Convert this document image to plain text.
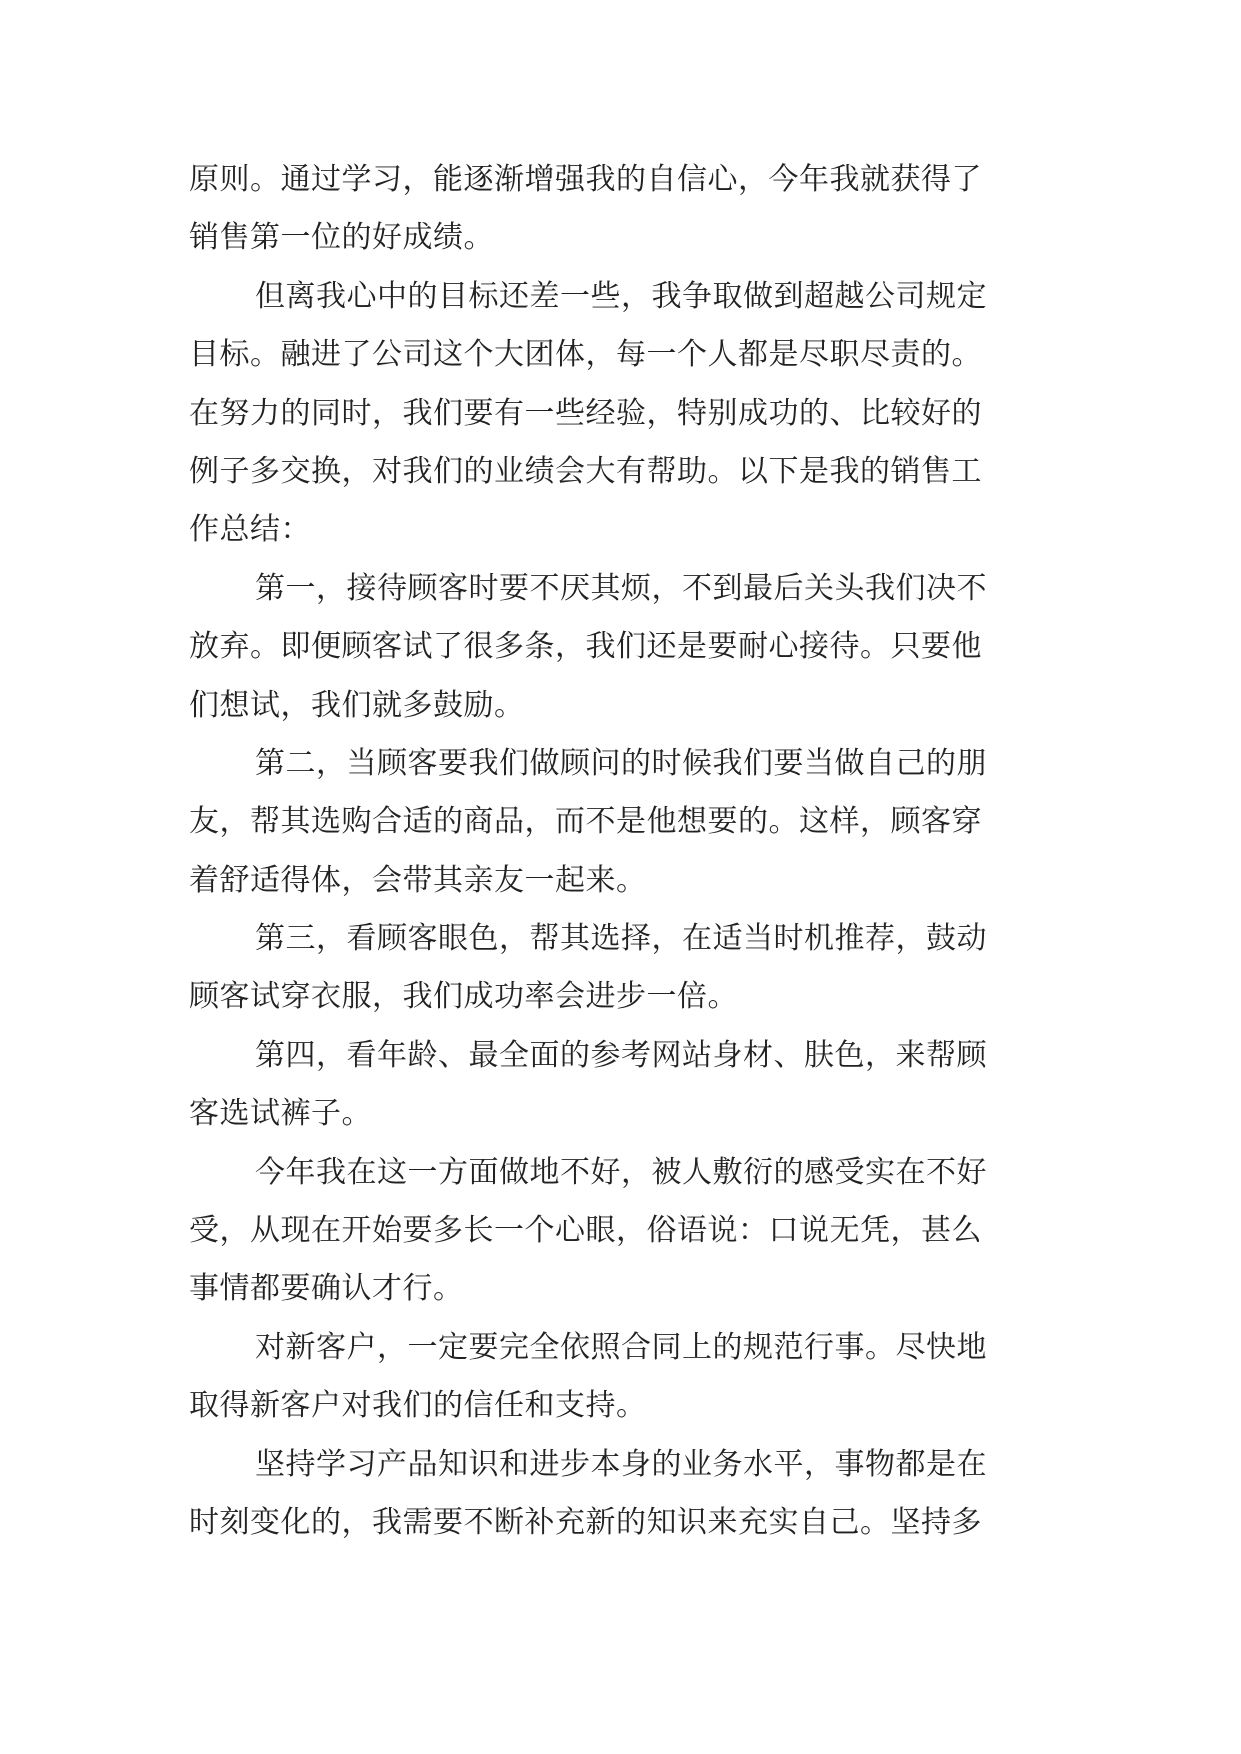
原则。通过学习，能逐渐增强我的自信心，今年我就获得了
销售第一位的好成绩。
但离我心中的目标还差一些，我争取做到超越公司规定
目标。融进了公司这个大团体，每一个人都是尽职尽责的。
在努力的同时，我们要有一些经验，特别成功的、比较好的
例子多交换，对我们的业绩会大有帮助。以下是我的销售工
作总结：
第一，接待顾客时要不厌其烦，不到最后关头我们决不
放弃。即便顾客试了很多条，我们还是要耐心接待。只要他
们想试，我们就多鼓励。
第二，当顾客要我们做顾问的时候我们要当做自己的朋
友，帮其选购合适的商品，而不是他想要的。这样，顾客穿
着舒适得体，会带其亲友一起来。
第三，看顾客眼色，帮其选择，在适当时机推荐，鼓动
顾客试穿衣服，我们成功率会进步一倍。
第四，看年龄、最全面的参考网站身材、肤色，来帮顾
客选试裤子。
今年我在这一方面做地不好，被人敷衍的感受实在不好
受，从现在开始要多长一个心眼，俗语说：口说无凭，甚么
事情都要确认才行。
对新客户，一定要完全依照合同上的规范行事。尽快地
取得新客户对我们的信任和支持。
坚持学习产品知识和进步本身的业务水平，事物都是在
时刻变化的，我需要不断补充新的知识来充实自己。坚持多
